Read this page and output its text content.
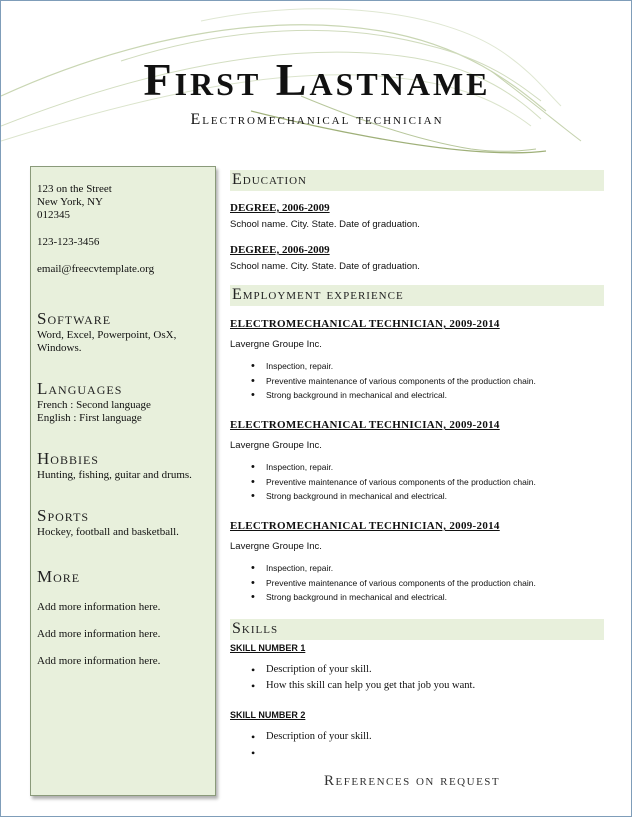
First Lastname
Electromechanical technician
123 on the Street
New York, NY
012345
123-123-3456
email@freecvtemplate.org
Software

Word, Excel, Powerpoint, OsX, Windows.

Languages
French : Second language
English : First language
Hobbies
Hunting, fishing, guitar and drums.
Sports
Hockey, football and basketball.
More
Add more information here.
Add more information here.
Add more information here.
Education
DEGREE, 2006-2009
School name. City. State. Date of graduation.
DEGREE, 2006-2009
School name. City. State. Date of graduation.
Employment experience
ELECTROMECHANICAL TECHNICIAN, 2009-2014
Lavergne Groupe Inc.
• Inspection, repair.
• Preventive maintenance of various components of the production chain.
• Strong background in mechanical and electrical.
ELECTROMECHANICAL TECHNICIAN, 2009-2014
Lavergne Groupe Inc.
• Inspection, repair.
• Preventive maintenance of various components of the production chain.
• Strong background in mechanical and electrical.
ELECTROMECHANICAL TECHNICIAN, 2009-2014
Lavergne Groupe Inc.
• Inspection, repair.
• Preventive maintenance of various components of the production chain.
• Strong background in mechanical and electrical.
Skills
SKILL NUMBER 1
• Description of your skill.
• How this skill can help you get that job you want.
SKILL NUMBER 2
• Description of your skill.
•
References on request
